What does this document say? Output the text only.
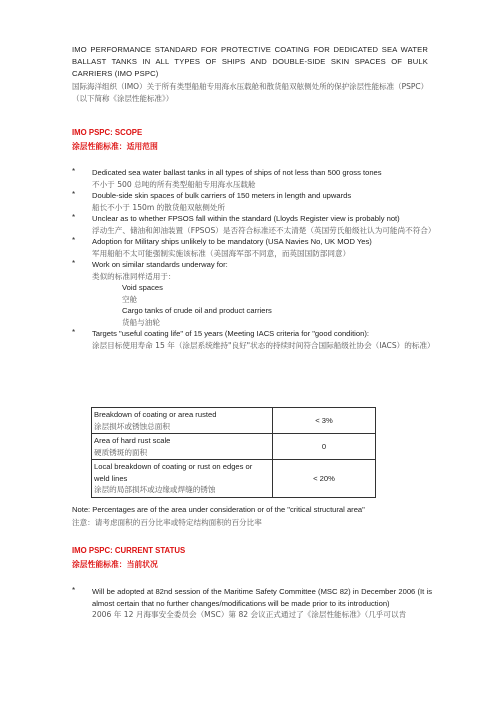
IMO PERFORMANCE STANDARD FOR PROTECTIVE COATING FOR DEDICATED SEA WATER BALLAST TANKS IN ALL TYPES OF SHIPS AND DOUBLE-SIDE SKIN SPACES OF BULK CARRIERS (IMO PSPC)
国际海洋组织（IMO）关于所有类型船舶专用海水压载舱和散货船双舷侧处所的保护涂层性能标准（PSPC）（以下简称《涂层性能标准》）
IMO PSPC: SCOPE
涂层性能标准：适用范围
* Dedicated sea water ballast tanks in all types of ships of not less than 500 gross tones
不小于 500 总吨的所有类型船舶专用海水压载舱
* Double-side skin spaces of bulk carriers of 150 meters in length and upwards
船长不小于 150m 的散货船双舷侧处所
* Unclear as to whether FPSOS fall within the standard (Lloyds Register view is probably not)
浮动生产、储油和卸油装置（FPSOS）是否符合标准还不太清楚（英国劳氏船级社认为可能尚不符合）
* Adoption for Military ships unlikely to be mandatory (USA Navies No, UK MOD Yes)
军用船舶不太可能强制实施该标准（美国海军部不同意，而英国国防部同意）
* Work on similar standards underway for:
类似的标准同样适用于：
Void spaces
空舱
Cargo tanks of crude oil and product carriers
货船与油轮
* Targets "useful coating life" of 15 years (Meeting IACS criteria for "good condition):
涂层目标使用寿命 15 年（涂层系统维持"良好"状态的持续时间符合国际船级社协会（IACS）的标准）
Breakdown of coating or area rusted
涂层损坏或锈蚀总面积	< 3%

Area of hard rust scale
硬质锈斑的面积	0

Local breakdown of coating or rust on edges or weld lines
涂层的局部损坏或边缘或焊缝的锈蚀	< 20%
Note: Percentages are of the area under consideration or of the "critical structural area"
注意：请考虑面积的百分比率或特定结构面积的百分比率
IMO PSPC: CURRENT STATUS
涂层性能标准：当前状况
* Will be adopted at 82nd session of the Maritime Safety Committee (MSC 82) in December 2006 (It is almost certain that no further changes/modifications will be made prior to its introduction)
2006 年 12 月海事安全委员会（MSC）第 82 会议正式通过了《涂层性能标准》（几乎可以肯
